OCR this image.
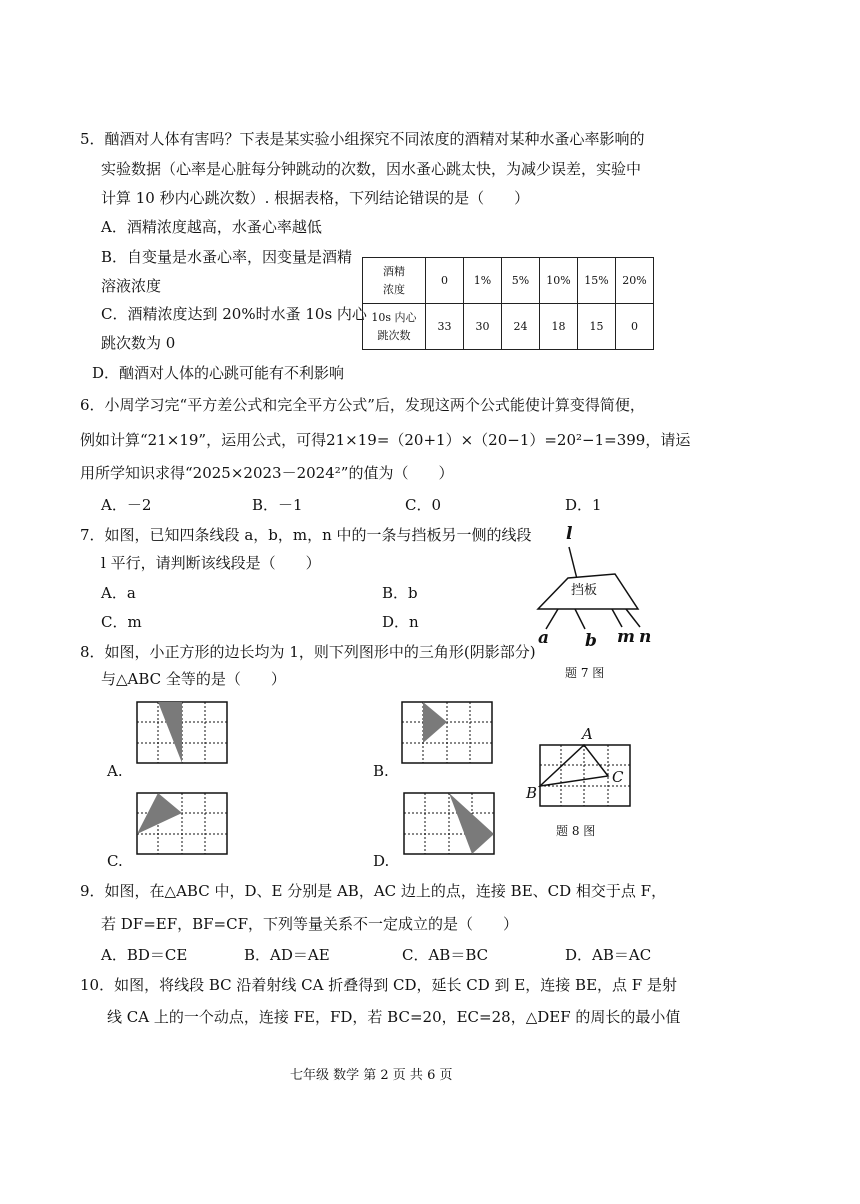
5．酗酒对人体有害吗？下表是某实验小组探究不同浓度的酒精对某种水蚤心率影响的
实验数据（心率是心脏每分钟跳动的次数，因水蚤心跳太快，为减少误差，实验中
计算 10 秒内心跳次数）. 根据表格，下列结论错误的是（　　）
A．酒精浓度越高，水蚤心率越低
B．自变量是水蚤心率，因变量是酒精
溶液浓度
C．酒精浓度达到 20%时水蚤 10s 内心
跳次数为 0
D．酗酒对人体的心跳可能有不利影响
酒精
浓度	0	1%	5%	10%	15%	20%

10s 内心
跳次数	33	30	24	18	15	0
6．小周学习完“平方差公式和完全平方公式”后，发现这两个公式能使计算变得简便，
例如计算“21×19”，运用公式，可得21×19=（20+1）×（20−1）=20²−1=399，请运
用所学知识求得“2025×2023－2024²”的值为（　　）
A．－2	B．－1	C．0	D．1
7．如图，已知四条线段 a，b，m，n 中的一条与挡板另一侧的线段
l 平行，请判断该线段是（　　）
A．a	B．b
C．m	D．n
l
挡板
a b m n
题 7 图
8．如图，小正方形的边长均为 1，则下列图形中的三角形(阴影部分)
与△ABC 全等的是（　　）
A.	B.
C.	D.
A
B
C
题 8 图
9．如图，在△ABC 中，D、E 分别是 AB，AC 边上的点，连接 BE、CD 相交于点 F，
若 DF=EF，BF=CF，下列等量关系不一定成立的是（　　）
A．BD＝CE	B．AD＝AE	C．AB＝BC	D．AB＝AC
10．如图，将线段 BC 沿着射线 CA 折叠得到 CD，延长 CD 到 E，连接 BE，点 F 是射
线 CA 上的一个动点，连接 FE，FD，若 BC=20，EC=28，△DEF 的周长的最小值
七年级 数学 第 2 页 共 6 页
